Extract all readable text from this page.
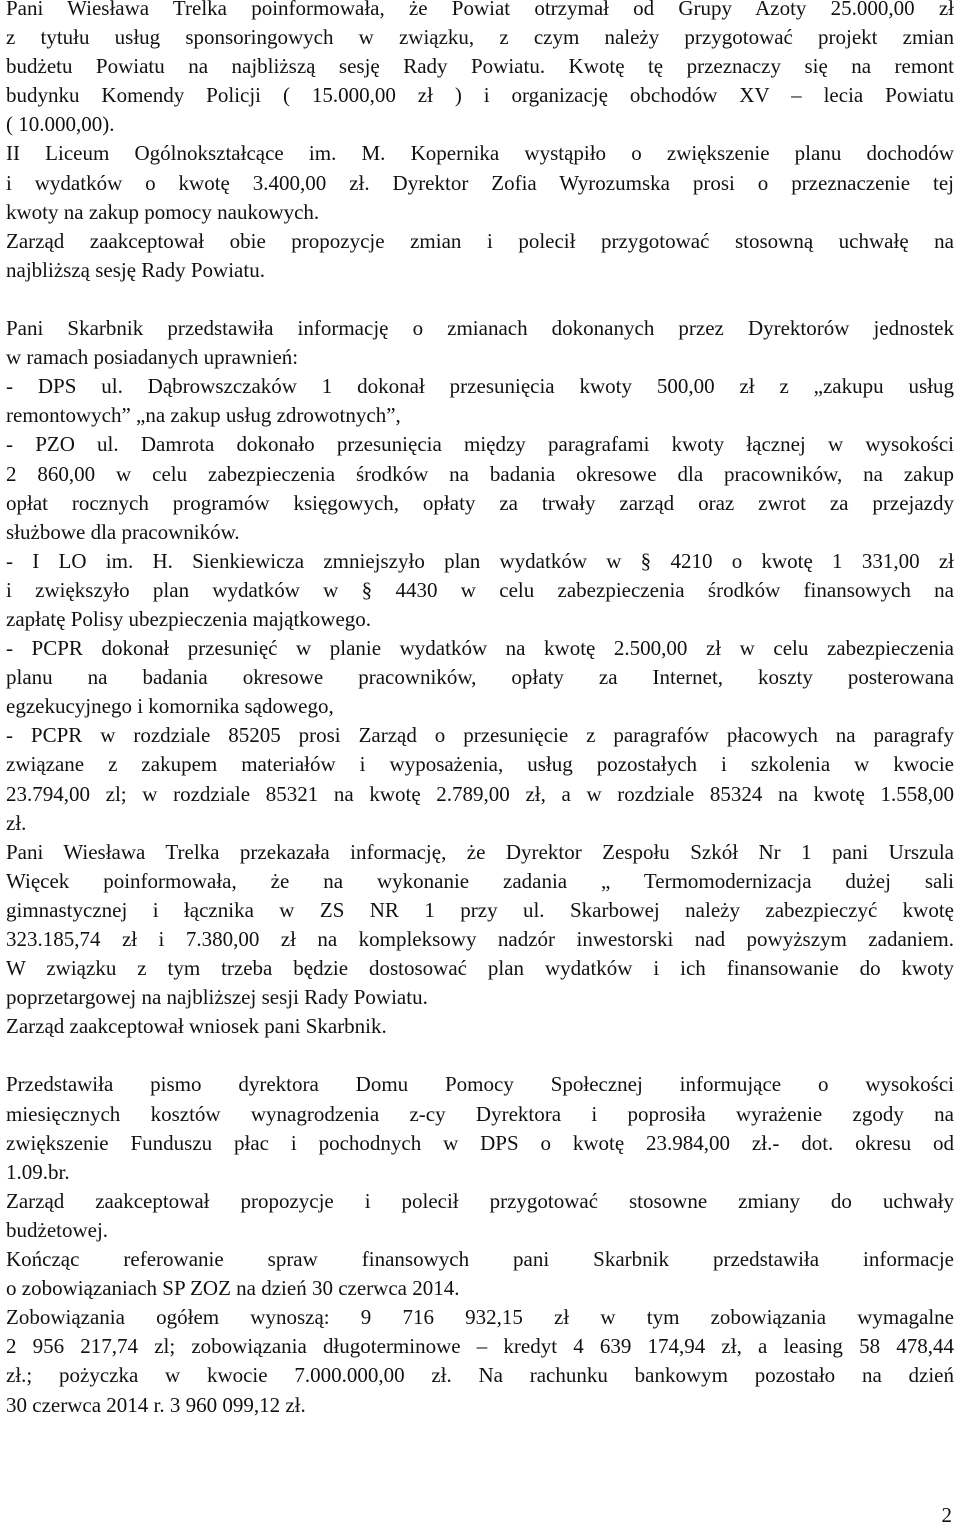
Pani Wiesława Trelka poinformowała, że Powiat otrzymał od Grupy Azoty 25.000,00 zł
z tytułu usług sponsoringowych w związku, z czym należy przygotować projekt zmian
budżetu Powiatu na najbliższą sesję Rady Powiatu. Kwotę tę przeznaczy się na remont
budynku Komendy Policji ( 15.000,00 zł ) i organizację obchodów XV – lecia Powiatu
( 10.000,00).
II Liceum Ogólnokształcące im. M. Kopernika wystąpiło o zwiększenie planu dochodów
i wydatków o kwotę 3.400,00 zł. Dyrektor Zofia Wyrozumska prosi o przeznaczenie tej
kwoty na zakup pomocy naukowych.
Zarząd zaakceptował obie propozycje zmian i polecił przygotować stosowną uchwałę na
najbliższą sesję Rady Powiatu.
Pani Skarbnik przedstawiła informację o zmianach dokonanych przez Dyrektorów jednostek
w ramach posiadanych uprawnień:
- DPS ul. Dąbrowszczaków 1 dokonał przesunięcia kwoty 500,00 zł z „zakupu usług
remontowych” „na zakup usług zdrowotnych”,
- PZO ul. Damrota dokonało przesunięcia między paragrafami kwoty łącznej w wysokości
2 860,00 w celu zabezpieczenia środków na badania okresowe dla pracowników, na zakup
opłat rocznych programów księgowych, opłaty za trwały zarząd oraz zwrot za przejazdy
służbowe dla pracowników.
- I LO im. H. Sienkiewicza zmniejszyło plan wydatków w § 4210 o kwotę 1 331,00 zł
i zwiększyło plan wydatków w § 4430 w celu zabezpieczenia środków finansowych na
zapłatę Polisy ubezpieczenia majątkowego.
- PCPR dokonał przesunięć w planie wydatków na kwotę 2.500,00 zł w celu zabezpieczenia
planu na badania okresowe pracowników, opłaty za Internet, koszty posterowana
egzekucyjnego i komornika sądowego,
- PCPR w rozdziale 85205 prosi Zarząd o przesunięcie z paragrafów płacowych na paragrafy
związane z zakupem materiałów i wyposażenia, usług pozostałych i szkolenia w kwocie
23.794,00 zl; w rozdziale 85321 na kwotę 2.789,00 zł, a w rozdziale 85324 na kwotę 1.558,00
zł.
Pani Wiesława Trelka przekazała informację, że Dyrektor Zespołu Szkół Nr 1 pani Urszula
Więcek poinformowała, że na wykonanie zadania „ Termomodernizacja dużej sali
gimnastycznej i łącznika w ZS NR 1 przy ul. Skarbowej należy zabezpieczyć kwotę
323.185,74 zł i 7.380,00 zł na kompleksowy nadzór inwestorski nad powyższym zadaniem.
W związku z tym trzeba będzie dostosować plan wydatków i ich finansowanie do kwoty
poprzetargowej na najbliższej sesji Rady Powiatu.
Zarząd zaakceptował wniosek pani Skarbnik.
Przedstawiła pismo dyrektora Domu Pomocy Społecznej informujące o wysokości
miesięcznych kosztów wynagrodzenia z-cy Dyrektora i poprosiła wyrażenie zgody na
zwiększenie Funduszu płac i pochodnych w DPS o kwotę 23.984,00 zł.- dot. okresu od
1.09.br.
Zarząd zaakceptował propozycje i polecił przygotować stosowne zmiany do uchwały
budżetowej.
Kończąc referowanie spraw finansowych pani Skarbnik przedstawiła informacje
o zobowiązaniach SP ZOZ na dzień 30 czerwca 2014.
Zobowiązania ogółem wynoszą: 9 716 932,15 zł w tym zobowiązania wymagalne
2 956 217,74 zl; zobowiązania długoterminowe – kredyt 4 639 174,94 zł, a leasing 58 478,44
zł.; pożyczka w kwocie 7.000.000,00 zł. Na rachunku bankowym pozostało na dzień
30 czerwca 2014 r. 3 960 099,12 zł.
2
